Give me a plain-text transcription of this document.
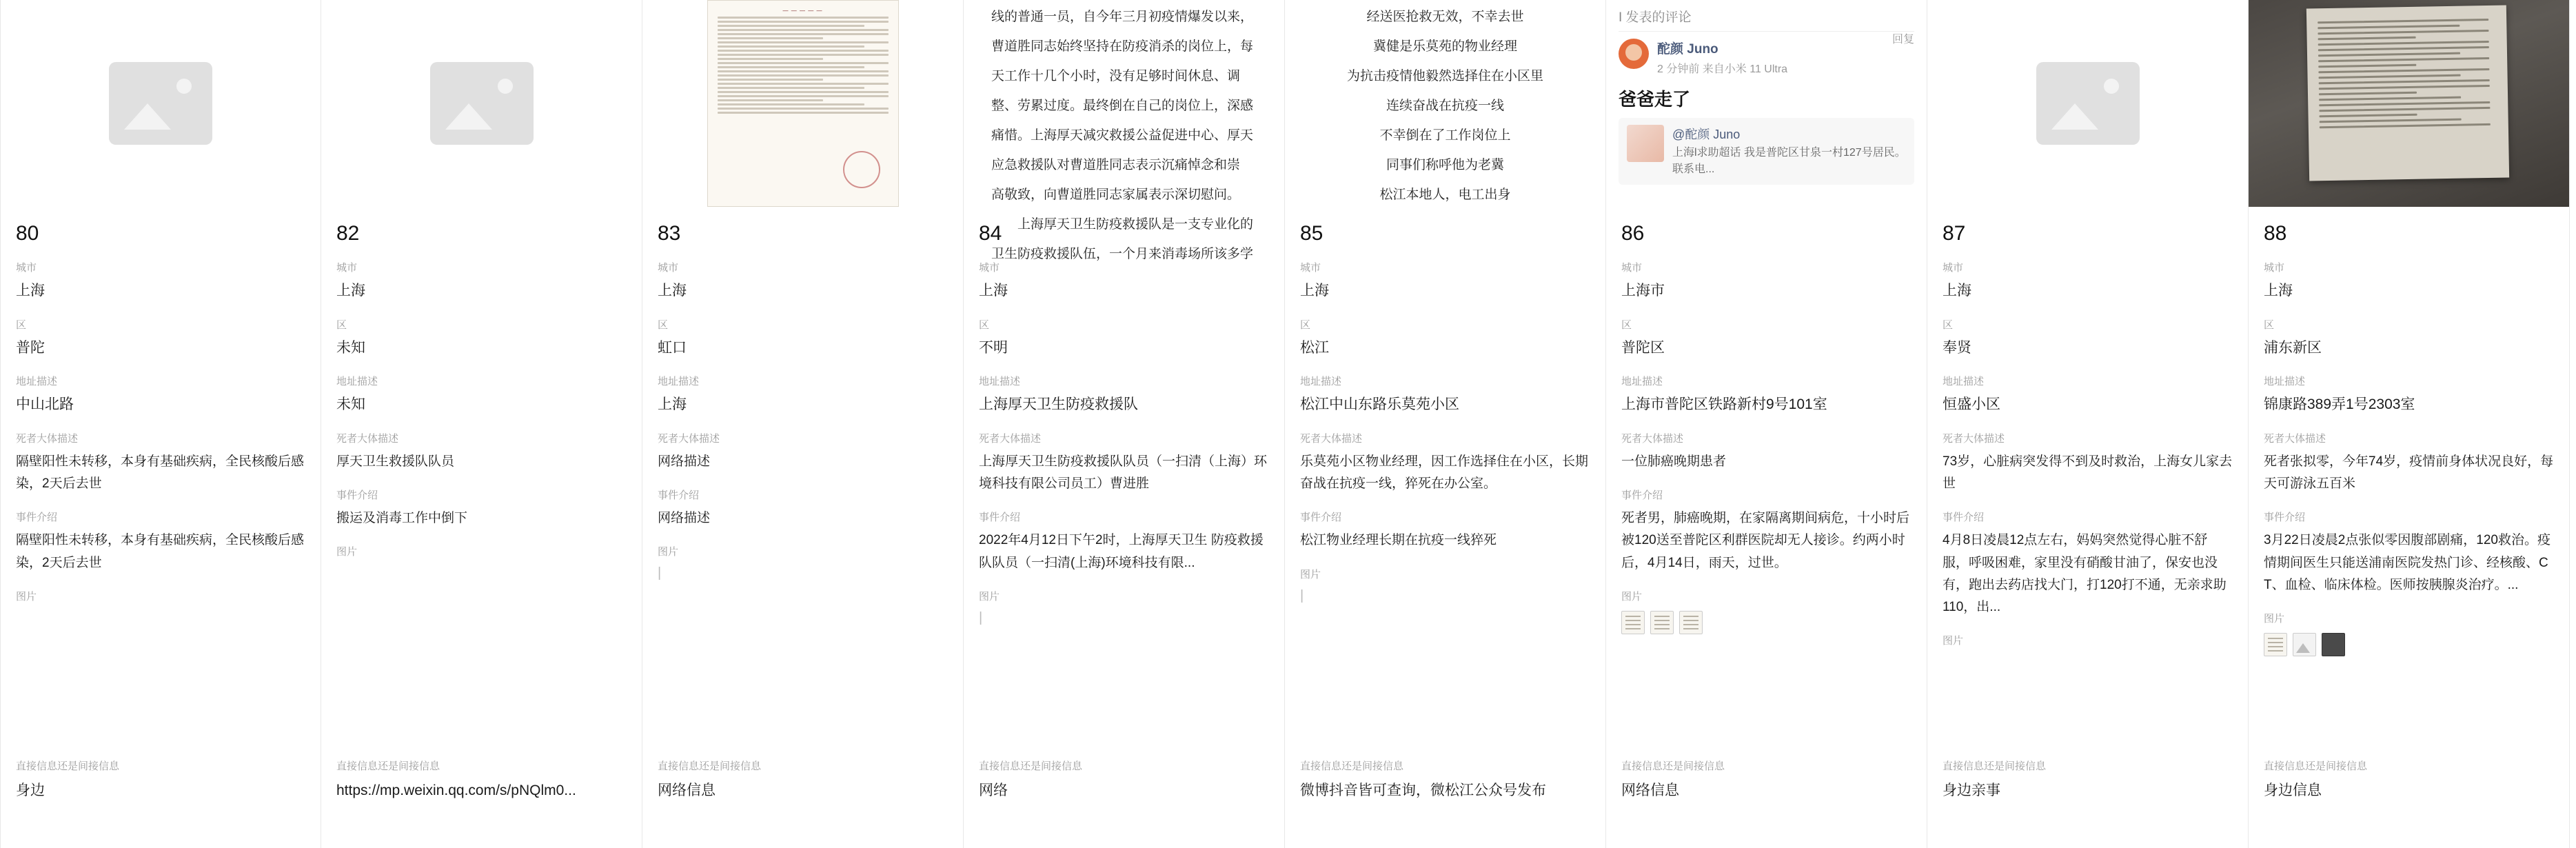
80
城市
上海
区
普陀
地址描述
中山北路
死者大体描述
隔壁阳性未转移，本身有基础疾病，全民核酸后感染，2天后去世
事件介绍
隔壁阳性未转移，本身有基础疾病，全民核酸后感染，2天后去世
图片
直接信息还是间接信息
身边
82
城市
上海
区
未知
地址描述
未知
死者大体描述
厚天卫生救援队队员
事件介绍
搬运及消毒工作中倒下
图片
直接信息还是间接信息
https://mp.weixin.qq.com/s/pNQlm0...
— — — — —
83
城市
上海
区
虹口
地址描述
上海
死者大体描述
网络描述
事件介绍
网络描述
图片
|
直接信息还是间接信息
网络信息

线的普通一员，自今年三月初疫情爆发以来，

曹道胜同志始终坚持在防疫消杀的岗位上，每

天工作十几个小时，没有足够时间休息、调

整、劳累过度。最终倒在自己的岗位上，深感

痛惜。上海厚天减灾救援公益促进中心、厚天

应急救援队对曹道胜同志表示沉痛悼念和崇

高敬致，向曹道胜同志家属表示深切慰问。

上海厚天卫生防疫救援队是一支专业化的

卫生防疫救援队伍，一个月来消毒场所该多学

84
城市
上海
区
不明
地址描述
上海厚天卫生防疫救援队
死者大体描述
上海厚天卫生防疫救援队队员（一扫清（上海）环境科技有限公司员工）曹进胜
事件介绍
2022年4月12日下午2时，上海厚天卫生 防疫救援队队员（一扫清(上海)环境科技有限...
图片
|
直接信息还是间接信息
网络

经送医抢救无效，不幸去世

冀健是乐莫苑的物业经理

为抗击疫情他毅然选择住在小区里

连续奋战在抗疫一线

不幸倒在了工作岗位上

同事们称呼他为老冀

松江本地人，电工出身

85
城市
上海
区
松江
地址描述
松江中山东路乐莫苑小区
死者大体描述
乐莫苑小区物业经理，因工作选择住在小区，长期奋战在抗疫一线，猝死在办公室。
事件介绍
松江物业经理长期在抗疫一线猝死
图片
|
直接信息还是间接信息
微博抖音皆可查询，微松江公众号发布
I 发表的评论
酡颜 Juno
2 分钟前 来自小米 11 Ultra
回复
爸爸走了
@酡颜 Juno
上海l求助超话 我是普陀区甘泉一村127号居民。联系电...
86
城市
上海市
区
普陀区
地址描述
上海市普陀区铁路新村9号101室
死者大体描述
一位肺癌晚期患者
事件介绍
死者男，肺癌晚期，在家隔离期间病危，十小时后被120送至普陀区利群医院却无人接诊。约两小时后，4月14日，雨天，过世。
图片
直接信息还是间接信息
网络信息
87
城市
上海
区
奉贤
地址描述
恒盛小区
死者大体描述
73岁，心脏病突发得不到及时救治，上海女儿家去世
事件介绍
4月8日凌晨12点左右，妈妈突然觉得心脏不舒服，呼吸困难，家里没有硝酸甘油了，保安也没有，跑出去药店找大门，打120打不通，无亲求助110，出...
图片
直接信息还是间接信息
身边亲事
88
城市
上海
区
浦东新区
地址描述
锦康路389弄1号2303室
死者大体描述
死者张拟零，今年74岁，疫情前身体状况良好，每天可游泳五百米
事件介绍
3月22日凌晨2点张似零因腹部剧痛，120救治。疫情期间医生只能送浦南医院发热门诊、经核酸、CT、血检、临床体检。医师按胰腺炎治疗。...
图片
直接信息还是间接信息
身边信息
